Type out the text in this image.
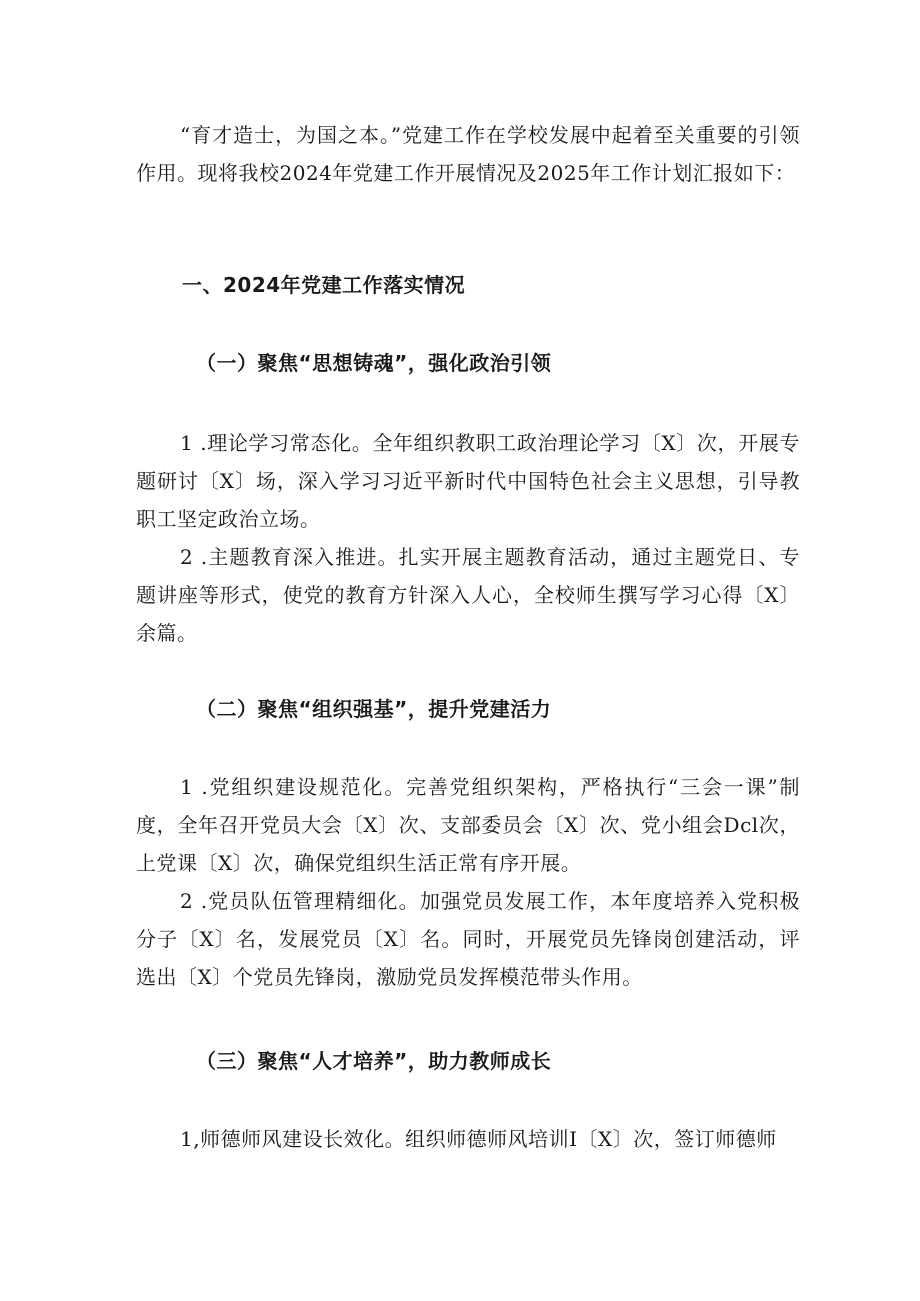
“育才造士，为国之本。”党建工作在学校发展中起着至关重要的引领作用。现将我校2024年党建工作开展情况及2025年工作计划汇报如下：

一、2024年党建工作落实情况
（一）聚焦“思想铸魂”，强化政治引领

1 .理论学习常态化。全年组织教职工政治理论学习〔X〕次，开展专题研讨〔X〕场，深入学习习近平新时代中国特色社会主义思想，引导教职工坚定政治立场。

2 .主题教育深入推进。扎实开展主题教育活动，通过主题党日、专题讲座等形式，使党的教育方针深入人心，全校师生撰写学习心得〔X〕余篇。

（二）聚焦“组织强基”，提升党建活力

1 .党组织建设规范化。完善党组织架构，严格执行“三会一课”制度，全年召开党员大会〔X〕次、支部委员会〔X〕次、党小组会Dcl次，上党课〔X〕次，确保党组织生活正常有序开展。

2 .党员队伍管理精细化。加强党员发展工作，本年度培养入党积极分子〔X〕名，发展党员〔X〕名。同时，开展党员先锋岗创建活动，评选出〔X〕个党员先锋岗，激励党员发挥模范带头作用。

（三）聚焦“人才培养”，助力教师成长

1,师德师风建设长效化。组织师德师风培训I〔X〕次，签订师德师
